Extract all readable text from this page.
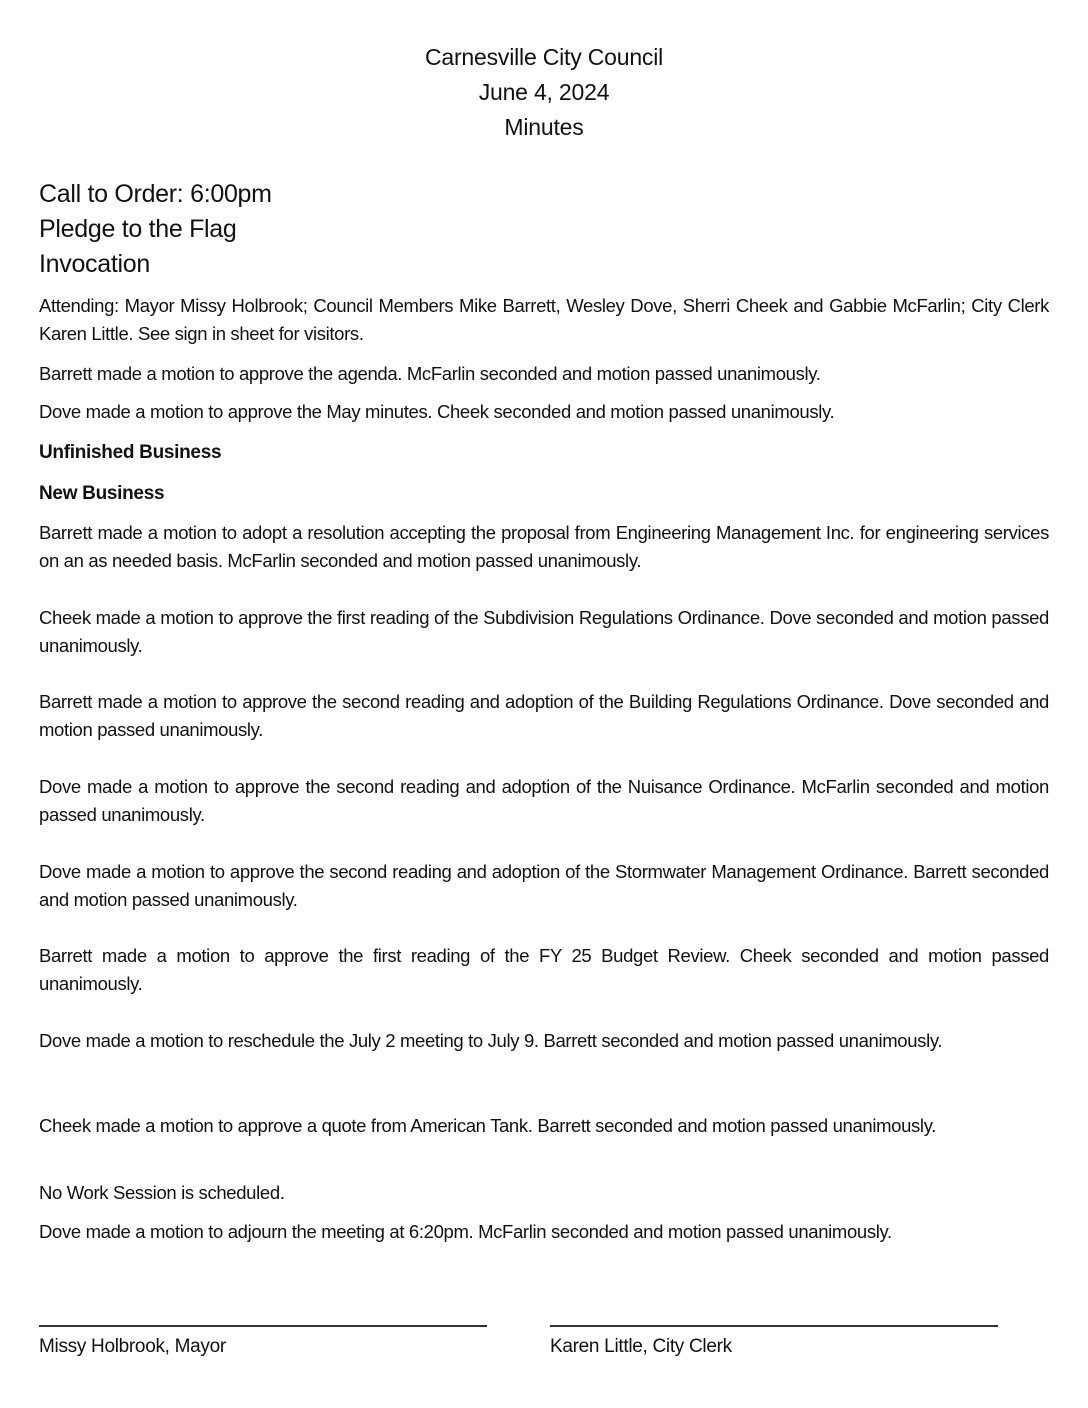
Carnesville City Council

June 4, 2024

Minutes

Call to Order: 6:00pm

Pledge to the Flag

Invocation

Attending: Mayor Missy Holbrook; Council Members Mike Barrett, Wesley Dove, Sherri Cheek and Gabbie McFarlin; City Clerk Karen Little. See sign in sheet for visitors.

Barrett made a motion to approve the agenda. McFarlin seconded and motion passed unanimously.

Dove made a motion to approve the May minutes. Cheek seconded and motion passed unanimously.

Unfinished Business

New Business

Barrett made a motion to adopt a resolution accepting the proposal from Engineering Management Inc. for engineering services on an as needed basis. McFarlin seconded and motion passed unanimously.

Cheek made a motion to approve the first reading of the Subdivision Regulations Ordinance. Dove seconded and motion passed unanimously.

Barrett made a motion to approve the second reading and adoption of the Building Regulations Ordinance. Dove seconded and motion passed unanimously.

Dove made a motion to approve the second reading and adoption of the Nuisance Ordinance. McFarlin seconded and motion passed unanimously.

Dove made a motion to approve the second reading and adoption of the Stormwater Management Ordinance. Barrett seconded and motion passed unanimously.

Barrett made a motion to approve the first reading of the FY 25 Budget Review. Cheek seconded and motion passed unanimously.

Dove made a motion to reschedule the July 2 meeting to July 9. Barrett seconded and motion passed unanimously.

Cheek made a motion to approve a quote from American Tank. Barrett seconded and motion passed unanimously.

No Work Session is scheduled.

Dove made a motion to adjourn the meeting at 6:20pm. McFarlin seconded and motion passed unanimously.

Missy Holbrook, Mayor	Karen Little, City Clerk
